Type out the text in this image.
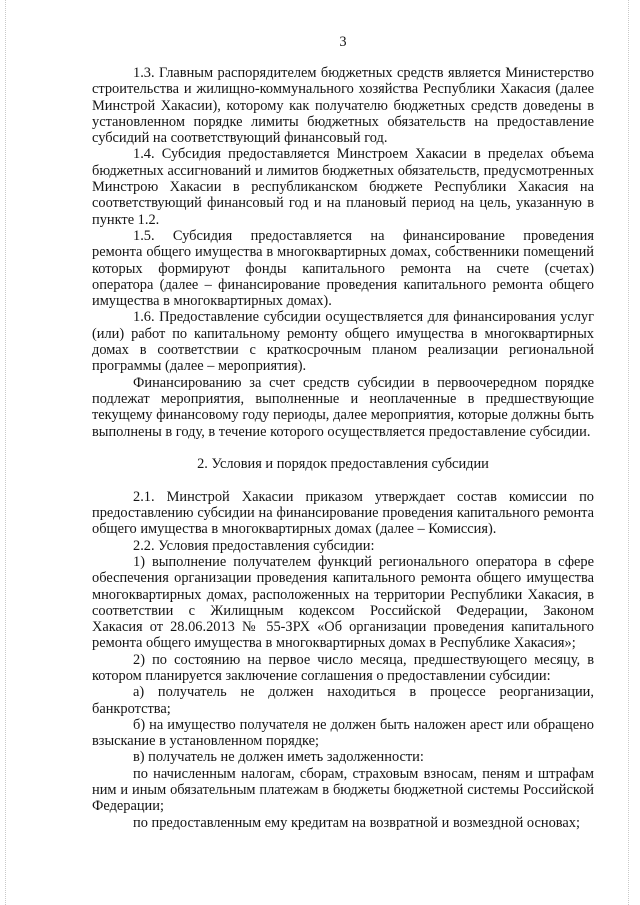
3
1.3. Главным распорядителем бюджетных средств является Министерство
строительства и жилищно-коммунального хозяйства Республики Хакасия (далее
Минстрой Хакасии), которому как получателю бюджетных средств доведены в
установленном порядке лимиты бюджетных обязательств на предоставление
субсидий на соответствующий финансовый год.
1.4. Субсидия предоставляется Минстроем Хакасии в пределах объема
бюджетных ассигнований и лимитов бюджетных обязательств, предусмотренных
Минстрою Хакасии в республиканском бюджете Республики Хакасия на
соответствующий финансовый год и на плановый период на цель, указанную в
пункте 1.2.
1.5. Субсидия предоставляется на финансирование проведения
ремонта общего имущества в многоквартирных домах, собственники помещений
которых формируют фонды капитального ремонта на счете (счетах)
оператора (далее – финансирование проведения капитального ремонта общего
имущества в многоквартирных домах).
1.6. Предоставление субсидии осуществляется для финансирования услуг
(или) работ по капитальному ремонту общего имущества в многоквартирных
домах в соответствии с краткосрочным планом реализации региональной
программы (далее – мероприятия).
Финансированию за счет средств субсидии в первоочередном порядке
подлежат мероприятия, выполненные и неоплаченные в предшествующие
текущему финансовому году периоды, далее мероприятия, которые должны быть
выполнены в году, в течение которого осуществляется предоставление субсидии.
2. Условия и порядок предоставления субсидии
2.1. Минстрой Хакасии приказом утверждает состав комиссии по
предоставлению субсидии на финансирование проведения капитального ремонта
общего имущества в многоквартирных домах (далее – Комиссия).
2.2. Условия предоставления субсидии:
1) выполнение получателем функций регионального оператора в сфере
обеспечения организации проведения капитального ремонта общего имущества
многоквартирных домах, расположенных на территории Республики Хакасия, в
соответствии с Жилищным кодексом Российской Федерации, Законом
Хакасия от 28.06.2013 № 55-ЗРХ «Об организации проведения капитального
ремонта общего имущества в многоквартирных домах в Республике Хакасия»;
2) по состоянию на первое число месяца, предшествующего месяцу, в
котором планируется заключение соглашения о предоставлении субсидии:
а) получатель не должен находиться в процессе реорганизации,
банкротства;
б) на имущество получателя не должен быть наложен арест или обращено
взыскание в установленном порядке;
в) получатель не должен иметь задолженности:
по начисленным налогам, сборам, страховым взносам, пеням и штрафам
ним и иным обязательным платежам в бюджеты бюджетной системы Российской
Федерации;
по предоставленным ему кредитам на возвратной и возмездной основах;
